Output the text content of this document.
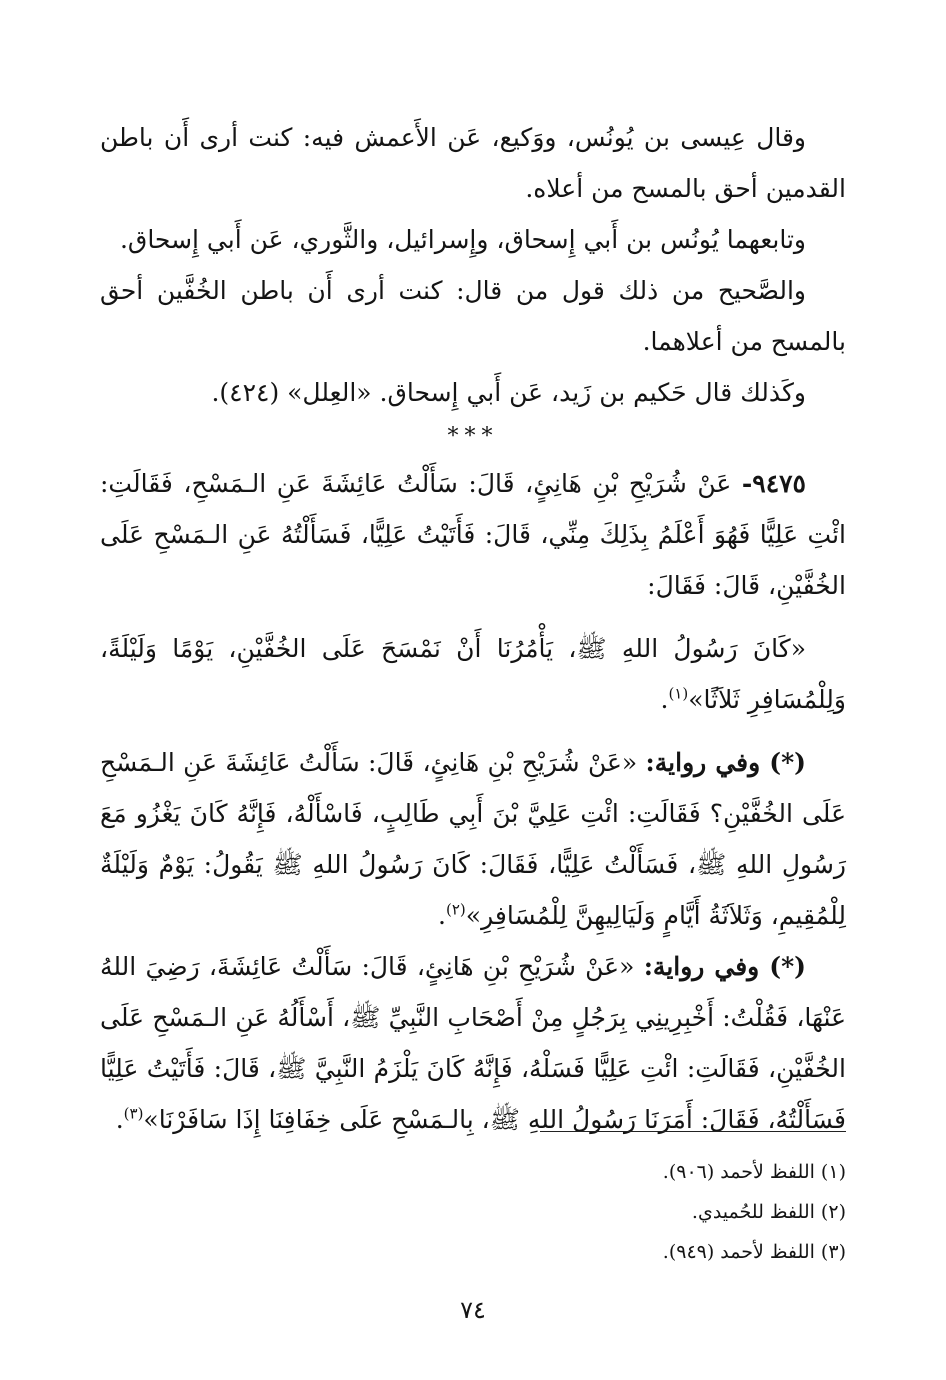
وقال عِيسى بن يُونُس، ووَكيع، عَن الأَعمش فيه: كنت أرى أَن باطن القدمين أحق بالمسح من أعلاه.

وتابعهما يُونُس بن أَبي إِسحاق، وإِسرائيل، والثَّوري، عَن أَبي إِسحاق.

والصَّحيح من ذلك قول من قال: كنت أرى أَن باطن الخُفَّين أحق بالمسح من أعلاهما.

وكَذلك قال حَكيم بن زَيد، عَن أَبي إِسحاق. «العِلل» (٤٢٤).

***

٩٤٧٥- عَنْ شُرَيْحِ بْنِ هَانِئٍ، قَالَ: سَأَلْتُ عَائِشَةَ عَنِ الـمَسْحِ، فَقَالَتِ: ائْتِ عَلِيًّا فَهُوَ أَعْلَمُ بِذَلِكَ مِنِّي، قَالَ: فَأَتَيْتُ عَلِيًّا، فَسَأَلْتُهُ عَنِ الـمَسْحِ عَلَى الخُفَّيْنِ، قَالَ: فَقَالَ:

«كَانَ رَسُولُ اللهِ ﷺ، يَأْمُرُنَا أَنْ نَمْسَحَ عَلَى الخُفَّيْنِ، يَوْمًا وَلَيْلَةً، وَلِلْمُسَافِرِ ثَلاَثًا»$^{(١)}$.

(*) وفي رواية: «عَنْ شُرَيْحِ بْنِ هَانِئٍ، قَالَ: سَأَلْتُ عَائِشَةَ عَنِ الـمَسْحِ عَلَى الخُفَّيْنِ؟ فَقَالَتِ: ائْتِ عَلِيَّ بْنَ أَبِي طَالِبٍ، فَاسْأَلْهُ، فَإِنَّهُ كَانَ يَغْزُو مَعَ رَسُولِ اللهِ ﷺ، فَسَأَلْتُ عَلِيًّا، فَقَالَ: كَانَ رَسُولُ اللهِ ﷺ يَقُولُ: يَوْمٌ وَلَيْلَةٌ لِلْمُقِيمِ، وَثَلاَثَةُ أَيَّامٍ وَلَيَالِيهِنَّ لِلْمُسَافِرِ»$^{(٢)}$.

(*) وفي رواية: «عَنْ شُرَيْحِ بْنِ هَانِئٍ، قَالَ: سَأَلْتُ عَائِشَةَ، رَضِيَ اللهُ عَنْهَا، فَقُلْتُ: أَخْبِرِينِي بِرَجُلٍ مِنْ أَصْحَابِ النَّبِيِّ ﷺ، أَسْأَلُهُ عَنِ الـمَسْحِ عَلَى الخُفَّيْنِ، فَقَالَتِ: ائْتِ عَلِيًّا فَسَلْهُ، فَإِنَّهُ كَانَ يَلْزَمُ النَّبِيَّ ﷺ، قَالَ: فَأَتَيْتُ عَلِيًّا فَسَأَلْتُهُ، فَقَالَ: أَمَرَنَا رَسُولُ اللهِ ﷺ، بِالـمَسْحِ عَلَى خِفَافِنَا إِذَا سَافَرْنَا»$^{(٣)}$.

(١) اللفظ لأحمد (٩٠٦).

(٢) اللفظ للحُميدي.

(٣) اللفظ لأحمد (٩٤٩).

٧٤
